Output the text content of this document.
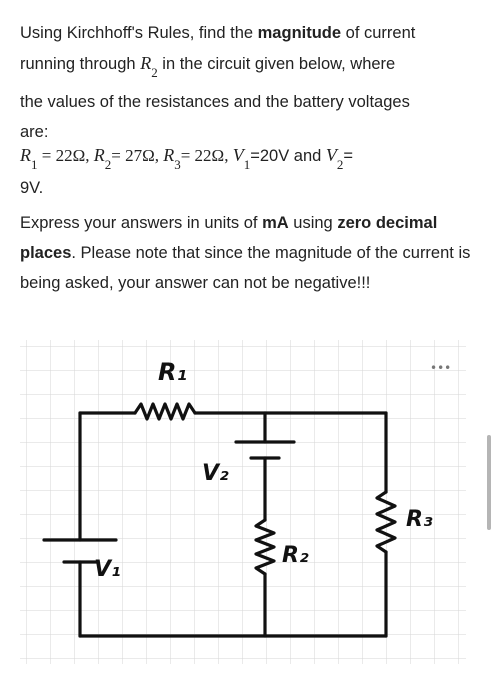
Using Kirchhoff's Rules, find the magnitude of current
running through $R_2$ in the circuit given below, where
the values of the resistances and the battery voltages
are:
$R_1 = 22\Omega$, $R_2= 27\Omega$, $R_3= 22\Omega$, $V_1=20V$ and $V_2=$
9V.
Express your answers in units of mA using zero decimal places. Please note that since the magnitude of the current is being asked, your answer can not be negative!!!
R₁
V₂
R₃
R₂
V₁
•••
